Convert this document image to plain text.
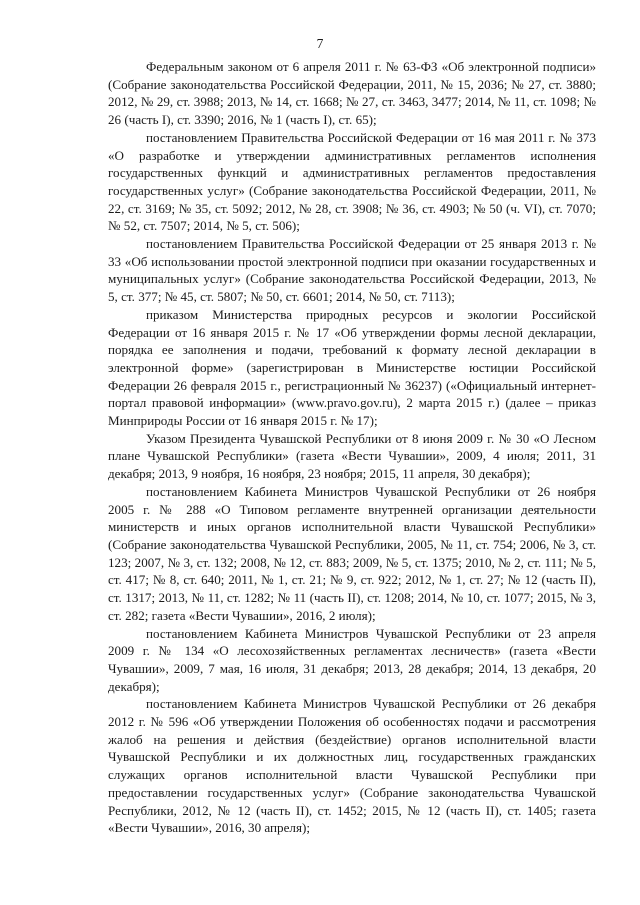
7

Федеральным законом от 6 апреля 2011 г. № 63-ФЗ «Об электронной подписи» (Собрание законодательства Российской Федерации, 2011, № 15, 2036; № 27, ст. 3880; 2012, № 29, ст. 3988; 2013, № 14, ст. 1668; № 27, ст. 3463, 3477; 2014, № 11, ст. 1098; № 26 (часть I), ст. 3390; 2016, № 1 (часть I), ст. 65);

постановлением Правительства Российской Федерации от 16 мая 2011 г. № 373 «О разработке и утверждении административных регламентов исполнения государственных функций и административных регламентов предоставления государственных услуг» (Собрание законодательства Российской Федерации, 2011, № 22, ст. 3169; № 35, ст. 5092; 2012, № 28, ст. 3908; № 36, ст. 4903; № 50 (ч. VI), ст. 7070; № 52, ст. 7507; 2014, № 5, ст. 506);

постановлением Правительства Российской Федерации от 25 января 2013 г. № 33 «Об использовании простой электронной подписи при оказании государственных и муниципальных услуг» (Собрание законодательства Российской Федерации, 2013, № 5, ст. 377; № 45, ст. 5807; № 50, ст. 6601; 2014, № 50, ст. 7113);

приказом Министерства природных ресурсов и экологии Российской Федерации от 16 января 2015 г. № 17 «Об утверждении формы лесной декларации, порядка ее заполнения и подачи, требований к формату лесной декларации в электронной форме» (зарегистрирован в Министерстве юстиции Российской Федерации 26 февраля 2015 г., регистрационный № 36237) («Официальный интернет-портал правовой информации» (www.pravo.gov.ru), 2 марта 2015 г.) (далее – приказ Минприроды России от 16 января 2015 г. № 17);

Указом Президента Чувашской Республики от 8 июня 2009 г. № 30 «О Лесном плане Чувашской Республики» (газета «Вести Чувашии», 2009, 4 июля; 2011, 31 декабря; 2013, 9 ноября, 16 ноября, 23 ноября; 2015, 11 апреля, 30 декабря);

постановлением Кабинета Министров Чувашской Республики от 26 ноября 2005 г. № 288 «О Типовом регламенте внутренней организации деятельности министерств и иных органов исполнительной власти Чувашской Республики» (Собрание законодательства Чувашской Республики, 2005, № 11, ст. 754; 2006, № 3, ст. 123; 2007, № 3, ст. 132; 2008, № 12, ст. 883; 2009, № 5, ст. 1375; 2010, № 2, ст. 111; № 5, ст. 417; № 8, ст. 640; 2011, № 1, ст. 21; № 9, ст. 922; 2012, № 1, ст. 27; № 12 (часть II), ст. 1317; 2013, № 11, ст. 1282; № 11 (часть II), ст. 1208; 2014, № 10, ст. 1077; 2015, № 3, ст. 282; газета «Вести Чувашии», 2016, 2 июля);

постановлением Кабинета Министров Чувашской Республики от 23 апреля 2009 г. № 134 «О лесохозяйственных регламентах лесничеств» (газета «Вести Чувашии», 2009, 7 мая, 16 июля, 31 декабря; 2013, 28 декабря; 2014, 13 декабря, 20 декабря);

постановлением Кабинета Министров Чувашской Республики от 26 декабря 2012 г. № 596 «Об утверждении Положения об особенностях подачи и рассмотрения жалоб на решения и действия (бездействие) органов исполнительной власти Чувашской Республики и их должностных лиц, государственных гражданских служащих органов исполнительной власти Чувашской Республики при предоставлении государственных услуг» (Собрание законодательства Чувашской Республики, 2012, № 12 (часть II), ст. 1452; 2015, № 12 (часть II), ст. 1405; газета «Вести Чувашии», 2016, 30 апреля);
